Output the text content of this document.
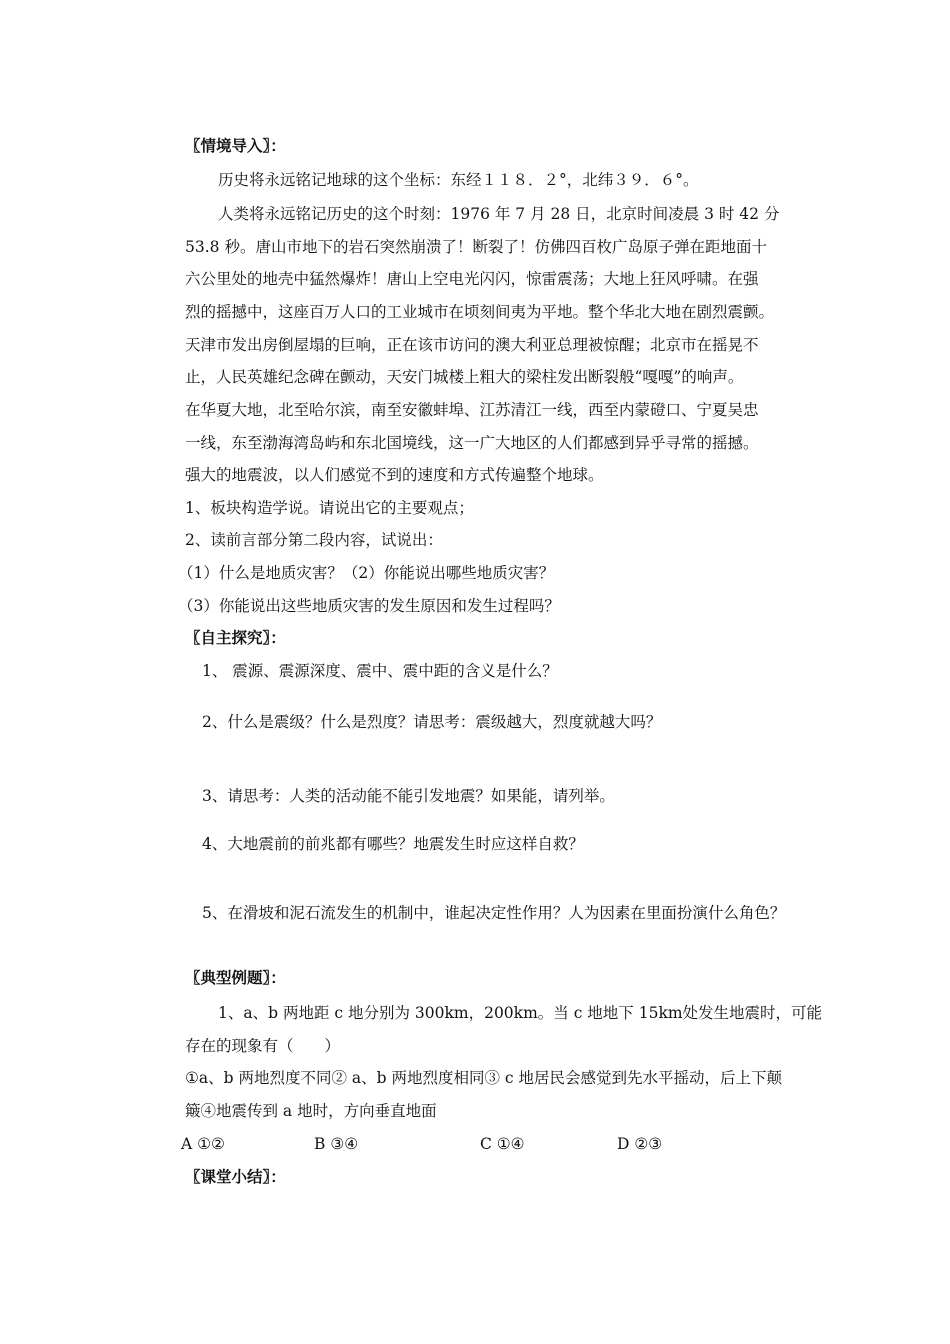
〖情境导入〗：
历史将永远铭记地球的这个坐标：东经１１８．２°，北纬３９．６°。
人类将永远铭记历史的这个时刻：1976 年 7 月 28 日，北京时间凌晨 3 时 42 分
53.8 秒。唐山市地下的岩石突然崩溃了！断裂了！仿佛四百枚广岛原子弹在距地面十
六公里处的地壳中猛然爆炸！唐山上空电光闪闪，惊雷震荡；大地上狂风呼啸。在强
烈的摇撼中，这座百万人口的工业城市在顷刻间夷为平地。整个华北大地在剧烈震颤。
天津市发出房倒屋塌的巨响，正在该市访问的澳大利亚总理被惊醒；北京市在摇晃不
止，人民英雄纪念碑在颤动，天安门城楼上粗大的梁柱发出断裂般“嘎嘎”的响声。
在华夏大地，北至哈尔滨，南至安徽蚌埠、江苏清江一线，西至内蒙磴口、宁夏吴忠
一线，东至渤海湾岛屿和东北国境线，这一广大地区的人们都感到异乎寻常的摇撼。
强大的地震波，以人们感觉不到的速度和方式传遍整个地球。
1、板块构造学说。请说出它的主要观点；
2、读前言部分第二段内容，试说出：
（1）什么是地质灾害？（2）你能说出哪些地质灾害？
（3）你能说出这些地质灾害的发生原因和发生过程吗？
〖自主探究〗：
1、 震源、震源深度、震中、震中距的含义是什么？
2、什么是震级？什么是烈度？请思考：震级越大，烈度就越大吗？
3、请思考：人类的活动能不能引发地震？如果能，请列举。
4、大地震前的前兆都有哪些？地震发生时应这样自救？
5、在滑坡和泥石流发生的机制中，谁起决定性作用？人为因素在里面扮演什么角色？
〖典型例题〗：
1、a、b 两地距 c 地分别为 300km，200km。当 c 地地下 15km处发生地震时，可能
存在的现象有（　　）
①a、b 两地烈度不同② a、b 两地烈度相同③ c 地居民会感觉到先水平摇动，后上下颠
簸④地震传到 a 地时，方向垂直地面
A ①②	B ③④	C ①④	D ②③
〖课堂小结〗：
